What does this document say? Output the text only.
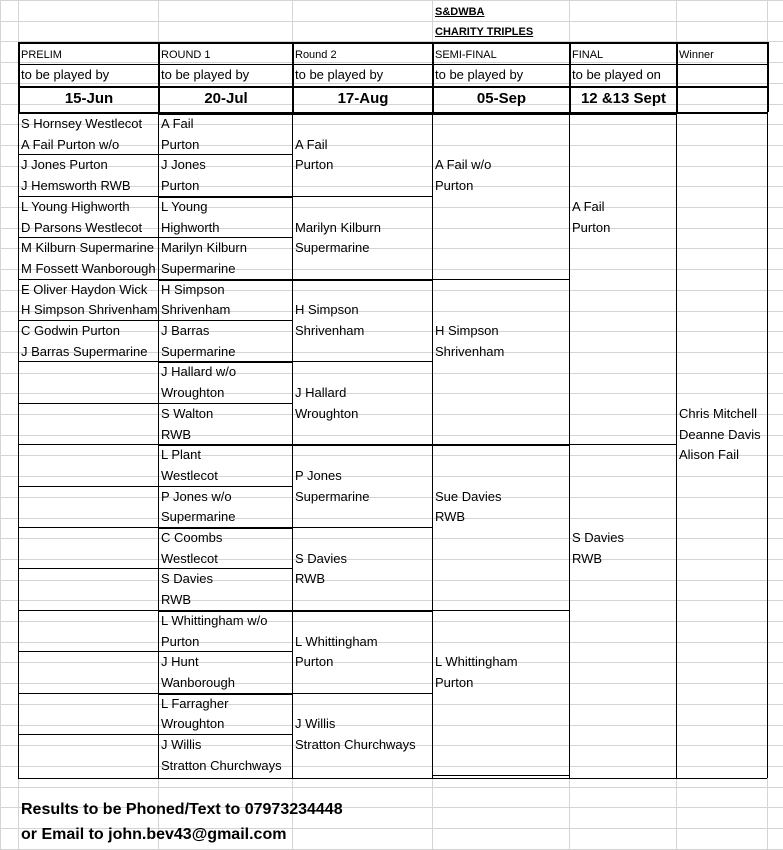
S&DWBA
CHARITY TRIPLES
PRELIM
to be played by
15-Jun
ROUND 1
to be played by
20-Jul
Round 2
to be played by
17-Aug
SEMI-FINAL
to be played by
05-Sep
FINAL
to be played on
12 &13 Sept
Winner
S Hornsey Westlecot
A Fail Purton w/o
J Jones Purton
J Hemsworth RWB
L Young Highworth
D Parsons Westlecot
M Kilburn Supermarine
M Fossett Wanborough
E Oliver Haydon Wick
H Simpson Shrivenham
C Godwin Purton
J Barras Supermarine
A Fail
Purton
J Jones
Purton
L Young
Highworth
Marilyn Kilburn
Supermarine
H Simpson
Shrivenham
J Barras
Supermarine
J Hallard w/o
Wroughton
S Walton
RWB
L Plant
Westlecot
P Jones w/o
Supermarine
C Coombs
Westlecot
S Davies
RWB
L Whittingham w/o
Purton
J Hunt
Wanborough
L Farragher
Wroughton
J Willis
Stratton Churchways
A Fail
Purton
Marilyn Kilburn
Supermarine
H Simpson
Shrivenham
J Hallard
Wroughton
P Jones
Supermarine
S Davies
RWB
L Whittingham
Purton
J Willis
Stratton Churchways
A Fail w/o
Purton
H Simpson
Shrivenham
Sue Davies
RWB
L Whittingham
Purton
A Fail
Purton
S Davies
RWB
Chris Mitchell
Deanne Davis
Alison Fail
Results to be Phoned/Text to 07973234448
or Email to john.bev43@gmail.com
